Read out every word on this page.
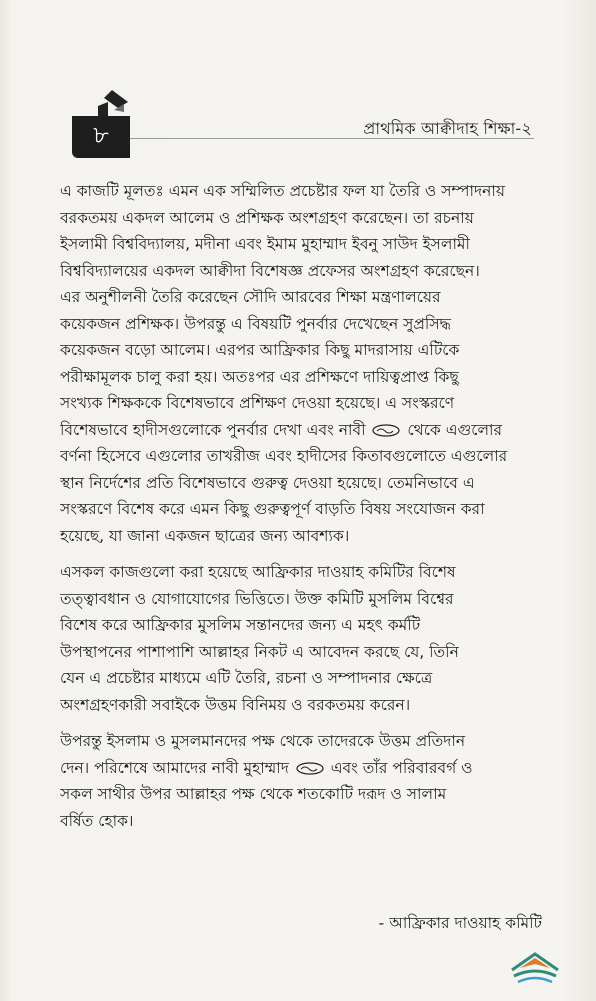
৮	প্রাথমিক আক্বীদাহ শিক্ষা-২

এ কাজটি মূলতঃ এমন এক সম্মিলিত প্রচেষ্টার ফল যা তৈরি ও সম্পাদনায়

বরকতময় একদল আলেম ও প্রশিক্ষক অংশগ্রহণ করেছেন। তা রচনায়

ইসলামী বিশ্ববিদ্যালয়, মদীনা এবং ইমাম মুহাম্মাদ ইবনু সাউদ ইসলামী

বিশ্ববিদ্যালয়ের একদল আক্বীদা বিশেষজ্ঞ প্রফেসর অংশগ্রহণ করেছেন।

এর অনুশীলনী তৈরি করেছেন সৌদি আরবের শিক্ষা মন্ত্রণালয়ের

কয়েকজন প্রশিক্ষক। উপরন্তু এ বিষয়টি পুনর্বার দেখেছেন সুপ্রসিদ্ধ

কয়েকজন বড়ো আলেম। এরপর আফ্রিকার কিছু মাদরাসায় এটিকে

পরীক্ষামূলক চালু করা হয়। অতঃপর এর প্রশিক্ষণে দায়িত্বপ্রাপ্ত কিছু

সংখ্যক শিক্ষককে বিশেষভাবে প্রশিক্ষণ দেওয়া হয়েছে। এ সংস্করণে

বিশেষভাবে হাদীসগুলোকে পুনর্বার দেখা এবং নাবী  থেকে এগুলোর

বর্ণনা হিসেবে এগুলোর তাখরীজ এবং হাদীসের কিতাবগুলোতে এগুলোর

স্থান নির্দেশের প্রতি বিশেষভাবে গুরুত্ব দেওয়া হয়েছে। তেমনিভাবে এ

সংস্করণে বিশেষ করে এমন কিছু গুরুত্বপূর্ণ বাড়তি বিষয় সংযোজন করা

হয়েছে, যা জানা একজন ছাত্রের জন্য আবশ্যক।

এসকল কাজগুলো করা হয়েছে আফ্রিকার দাওয়াহ কমিটির বিশেষ

তত্ত্বাবধান ও যোগাযোগের ভিত্তিতে। উক্ত কমিটি মুসলিম বিশ্বের

বিশেষ করে আফ্রিকার মুসলিম সন্তানদের জন্য এ মহৎ কর্মটি

উপস্থাপনের পাশাপাশি আল্লাহর নিকট এ আবেদন করছে যে, তিনি

যেন এ প্রচেষ্টার মাধ্যমে এটি তৈরি, রচনা ও সম্পাদনার ক্ষেত্রে

অংশগ্রহণকারী সবাইকে উত্তম বিনিময় ও বরকতময় করেন।

উপরন্তু ইসলাম ও মুসলমানদের পক্ষ থেকে তাদেরকে উত্তম প্রতিদান

দেন। পরিশেষে আমাদের নাবী মুহাম্মাদ  এবং তাঁর পরিবারবর্গ ও

সকল সাথীর উপর আল্লাহর পক্ষ থেকে শতকোটি দরূদ ও সালাম

বর্ষিত হোক।

- আফ্রিকার দাওয়াহ কমিটি
